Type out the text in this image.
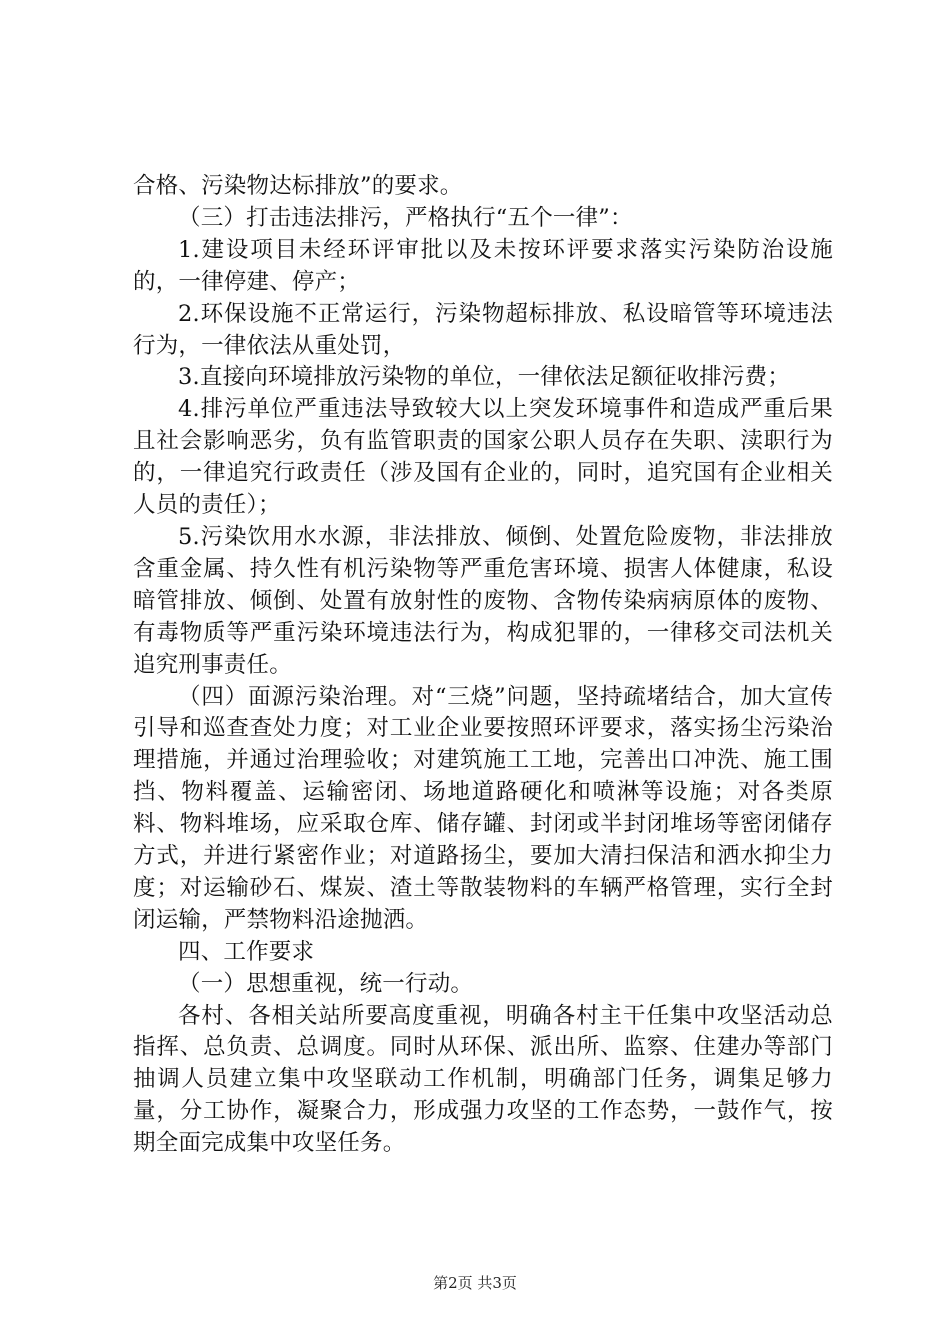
合格、污染物达标排放”的要求。

（三）打击违法排污，严格执行“五个一律”：

1.建设项目未经环评审批以及未按环评要求落实污染防治设施的，一律停建、停产；

2.环保设施不正常运行，污染物超标排放、私设暗管等环境违法行为，一律依法从重处罚，

3.直接向环境排放污染物的单位，一律依法足额征收排污费；

4.排污单位严重违法导致较大以上突发环境事件和造成严重后果且社会影响恶劣，负有监管职责的国家公职人员存在失职、渎职行为的，一律追究行政责任（涉及国有企业的，同时，追究国有企业相关人员的责任）；

5.污染饮用水水源，非法排放、倾倒、处置危险废物，非法排放含重金属、持久性有机污染物等严重危害环境、损害人体健康，私设暗管排放、倾倒、处置有放射性的废物、含物传染病病原体的废物、有毒物质等严重污染环境违法行为，构成犯罪的，一律移交司法机关追究刑事责任。

（四）面源污染治理。对“三烧”问题，坚持疏堵结合，加大宣传引导和巡查查处力度；对工业企业要按照环评要求，落实扬尘污染治理措施，并通过治理验收；对建筑施工工地，完善出口冲洗、施工围挡、物料覆盖、运输密闭、场地道路硬化和喷淋等设施；对各类原料、物料堆场，应采取仓库、储存罐、封闭或半封闭堆场等密闭储存方式，并进行紧密作业；对道路扬尘，要加大清扫保洁和洒水抑尘力度；对运输砂石、煤炭、渣土等散装物料的车辆严格管理，实行全封闭运输，严禁物料沿途抛洒。

四、工作要求

（一）思想重视，统一行动。

各村、各相关站所要高度重视，明确各村主干任集中攻坚活动总指挥、总负责、总调度。同时从环保、派出所、监察、住建办等部门抽调人员建立集中攻坚联动工作机制，明确部门任务，调集足够力量，分工协作，凝聚合力，形成强力攻坚的工作态势，一鼓作气，按期全面完成集中攻坚任务。

第2页 共3页
